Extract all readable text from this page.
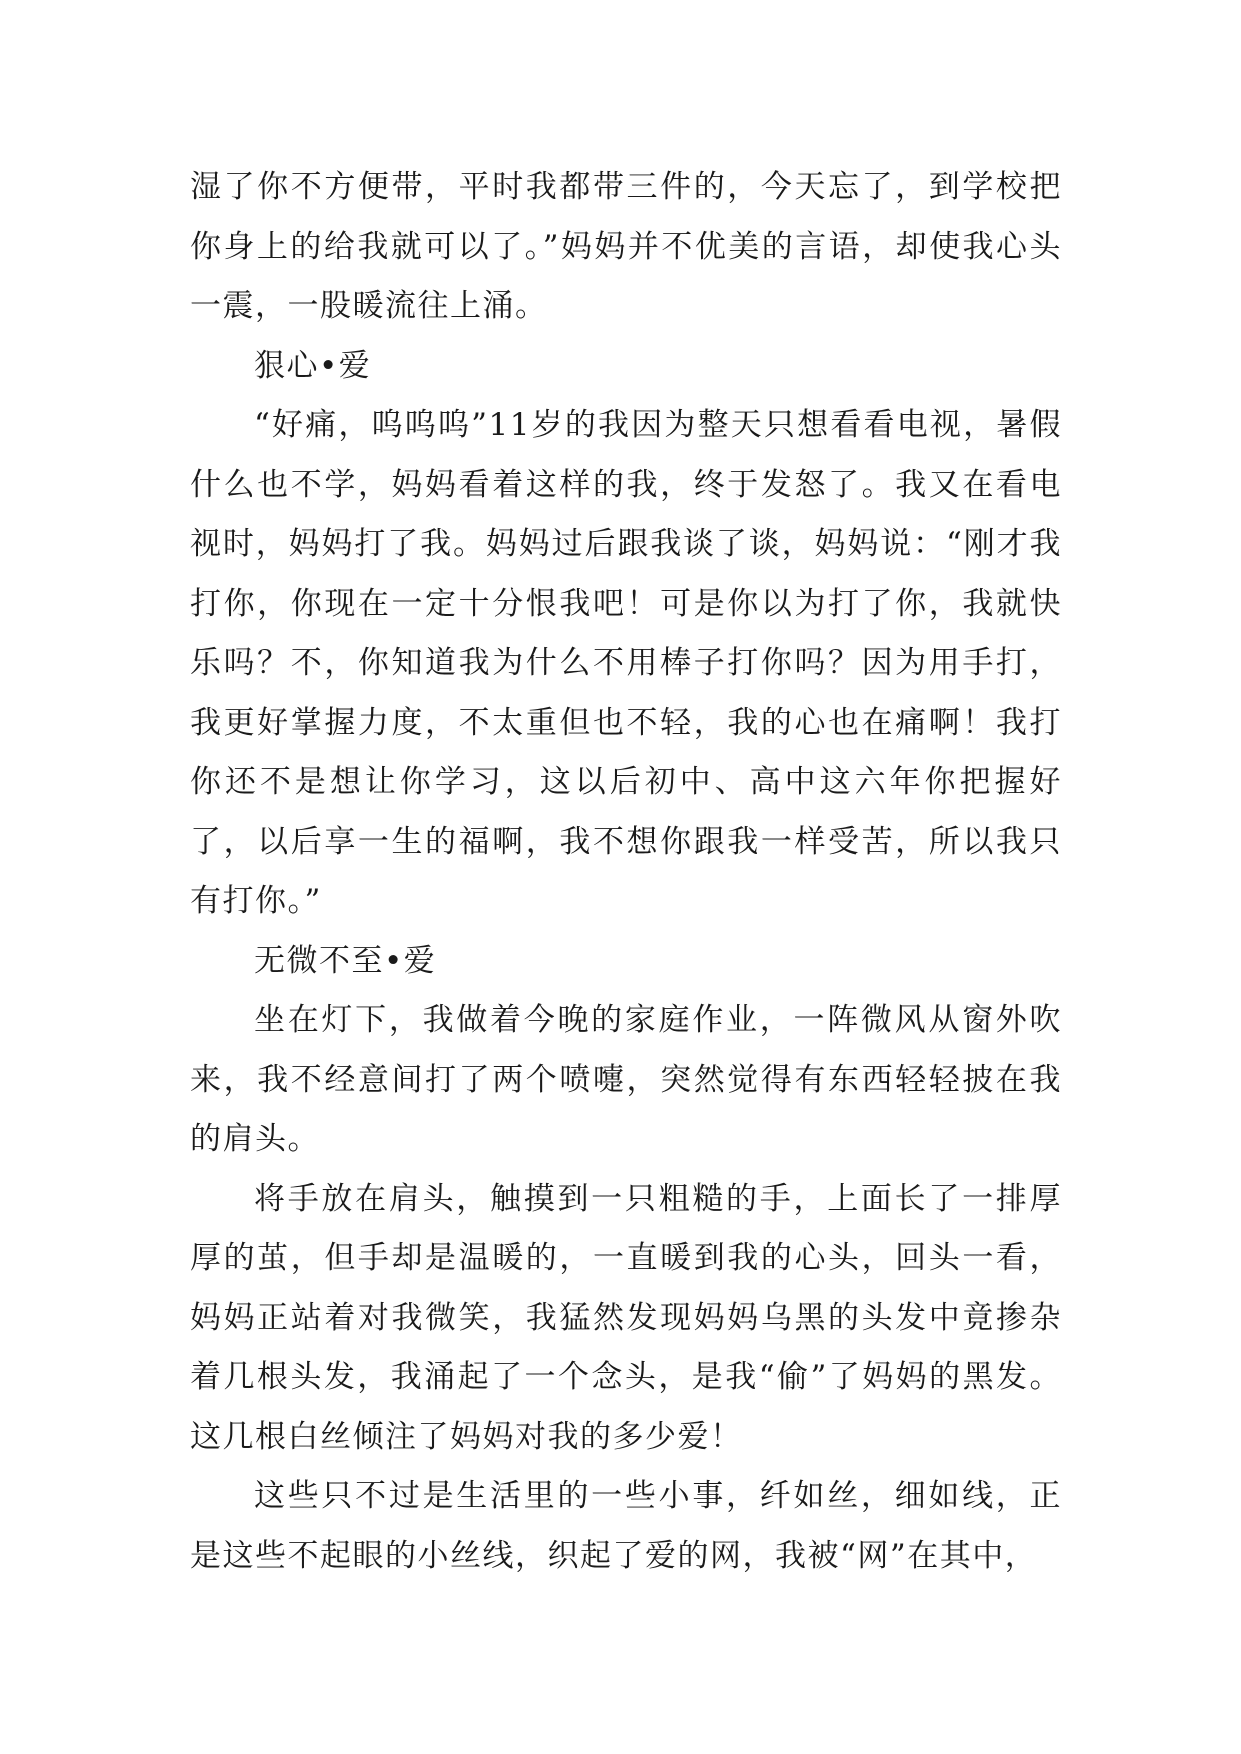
湿了你不方便带，平时我都带三件的，今天忘了，到学校把你身上的给我就可以了。”妈妈并不优美的言语，却使我心头一震，一股暖流往上涌。

狠心•爱

“好痛，呜呜呜”11岁的我因为整天只想看看电视，暑假什么也不学，妈妈看着这样的我，终于发怒了。我又在看电视时，妈妈打了我。妈妈过后跟我谈了谈，妈妈说：“刚才我打你，你现在一定十分恨我吧！可是你以为打了你，我就快乐吗？不，你知道我为什么不用棒子打你吗？因为用手打，我更好掌握力度，不太重但也不轻，我的心也在痛啊！我打你还不是想让你学习，这以后初中、高中这六年你把握好了，以后享一生的福啊，我不想你跟我一样受苦，所以我只有打你。”

无微不至•爱

坐在灯下，我做着今晚的家庭作业，一阵微风从窗外吹来，我不经意间打了两个喷嚏，突然觉得有东西轻轻披在我的肩头。

将手放在肩头，触摸到一只粗糙的手，上面长了一排厚厚的茧，但手却是温暖的，一直暖到我的心头，回头一看，妈妈正站着对我微笑，我猛然发现妈妈乌黑的头发中竟掺杂着几根头发，我涌起了一个念头，是我“偷”了妈妈的黑发。这几根白丝倾注了妈妈对我的多少爱！

这些只不过是生活里的一些小事，纤如丝，细如线，正是这些不起眼的小丝线，织起了爱的网，我被“网”在其中，
